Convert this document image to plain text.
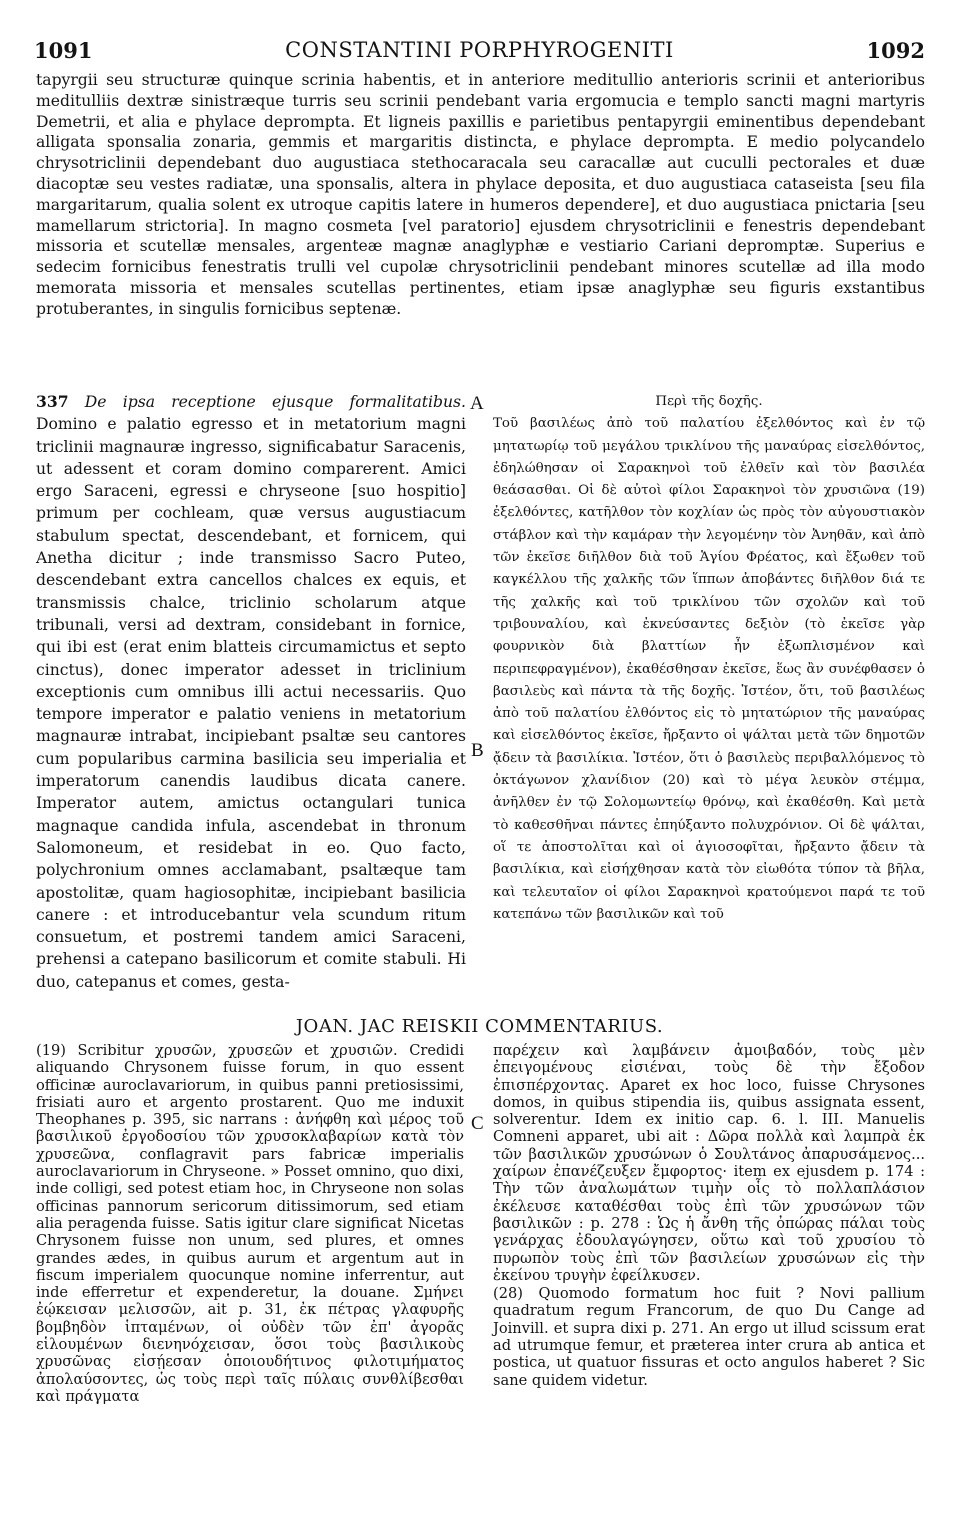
1091	CONSTANTINI PORPHYROGENITI	1092

tapyrgii seu structuræ quinque scrinia habentis, et in anteriore meditullio anterioris scrinii et anterioribus meditulliis dextræ sinistræque turris seu scrinii pendebant varia ergomucia e templo sancti magni martyris Demetrii, et alia e phylace deprompta. Et ligneis paxillis e parietibus pentapyrgii eminentibus dependebant alligata sponsalia zonaria, gemmis et margaritis distincta, e phylace deprompta. E medio polycandelo chrysotriclinii dependebant duo augustiaca stethocaracala seu caracallæ aut cuculli pectorales et duæ diacoptæ seu vestes radiatæ, una sponsalis, altera in phylace deposita, et duo augustiaca cataseista [seu fila margaritarum, qualia solent ex utroque capitis latere in humeros dependere], et duo augustiaca pnictaria [seu mamellarum strictoria]. In magno cosmeta [vel paratorio] ejusdem chrysotriclinii e fenestris dependebant missoria et scutellæ mensales, argenteæ magnæ anaglyphæ e vestiario Cariani depromptæ. Superius e sedecim fornicibus fenestratis trulli vel cupolæ chrysotriclinii pendebant minores scutellæ ad illa modo memorata missoria et mensales scutellas pertinentes, etiam ipsæ anaglyphæ seu figuris exstantibus protuberantes, in singulis fornicibus septenæ.

337 De ipsa receptione ejusque formalitatibus. Domino e palatio egresso et in metatorium magni triclinii magnauræ ingresso, significabatur Saracenis, ut adessent et coram domino comparerent. Amici ergo Saraceni, egressi e chryseone [suo hospitio] primum per cochleam, quæ versus augustiacum stabulum spectat, descendebant, et fornicem, qui Anetha dicitur ; inde transmisso Sacro Puteo, descendebant extra cancellos chalces ex equis, et transmissis chalce, triclinio scholarum atque tribunali, versi ad dextram, considebant in fornice, qui ibi est (erat enim blatteis circumamictus et septo cinctus), donec imperator adesset in triclinium exceptionis cum omnibus illi actui necessariis. Quo tempore imperator e palatio veniens in metatorium magnauræ intrabat, incipiebant psaltæ seu cantores cum popularibus carmina basilicia seu imperialia et imperatorum canendis laudibus dicata canere. Imperator autem, amictus octangulari tunica magnaque candida infula, ascendebat in thronum Salomoneum, et residebat in eo. Quo facto, polychronium omnes acclamabant, psaltæque tam apostolitæ, quam hagiosophitæ, incipiebant basilicia canere : et introducebantur vela scundum ritum consuetum, et postremi tandem amici Saraceni, prehensi a catepano basilicorum et comite stabuli. Hi duo, catepanus et comes, gesta-

A
B
Περὶ τῆς δοχῆς.

Τοῦ βασιλέως ἀπὸ τοῦ παλατίου ἐξελθόντος καὶ ἐν τῷ μητατωρίῳ τοῦ μεγάλου τρικλίνου τῆς μαναύρας εἰσελθόντος, ἐδηλώθησαν οἱ Σαρακηνοὶ τοῦ ἐλθεῖν καὶ τὸν βασιλέα θεάσασθαι. Οἱ δὲ αὐτοὶ φίλοι Σαρακηνοὶ τὸν χρυσιῶνα (19) ἐξελθόντες, κατῆλθον τὸν κοχλίαν ὡς πρὸς τὸν αὐγουστιακὸν στάβλον καὶ τὴν καμάραν τὴν λεγομένην τὸν Ἀνηθᾶν, καὶ ἀπὸ τῶν ἐκεῖσε διῆλθον διὰ τοῦ Ἁγίου Φρέατος, καὶ ἔξωθεν τοῦ καγκέλλου τῆς χαλκῆς τῶν ἵππων ἀποβάντες διῆλθον διά τε τῆς χαλκῆς καὶ τοῦ τρικλίνου τῶν σχολῶν καὶ τοῦ τριβουναλίου, καὶ ἐκνεύσαντες δεξιὸν (τὸ ἐκεῖσε γὰρ φουρνικὸν διὰ βλαττίων ἦν ἐξωπλισμένον καὶ περιπεφραγμένον), ἐκαθέσθησαν ἐκεῖσε, ἕως ἂν συνέφθασεν ὁ βασιλεὺς καὶ πάντα τὰ τῆς δοχῆς. Ἰστέον, ὅτι, τοῦ βασιλέως ἀπὸ τοῦ παλατίου ἐλθόντος εἰς τὸ μητατώριον τῆς μαναύρας καὶ εἰσελθόντος ἐκεῖσε, ἤρξαντο οἱ ψάλται μετὰ τῶν δημοτῶν ᾄδειν τὰ βασιλίκια. Ἰστέον, ὅτι ὁ βασιλεὺς περιβαλλόμενος τὸ ὀκτάγωνον χλανίδιον (20) καὶ τὸ μέγα λευκὸν στέμμα, ἀνῆλθεν ἐν τῷ Σολομωντείῳ θρόνῳ, καὶ ἐκαθέσθη. Καὶ μετὰ τὸ καθεσθῆναι πάντες ἐπηύξαντο πολυχρόνιον. Οἱ δὲ ψάλται, οἵ τε ἀποστολῖται καὶ οἱ ἁγιοσοφῖται, ἤρξαντο ᾄδειν τὰ βασιλίκια, καὶ εἰσήχθησαν κατὰ τὸν εἰωθότα τύπον τὰ βῆλα, καὶ τελευταῖον οἱ φίλοι Σαρακηνοὶ κρατούμενοι παρά τε τοῦ κατεπάνω τῶν βασιλικῶν καὶ τοῦ

JOAN. JAC REISKII COMMENTARIUS.

(19) Scribitur χρυσῶν, χρυσεῶν et χρυσιῶν. Credidi aliquando Chrysonem fuisse forum, in quo essent officinæ auroclavariorum, in quibus panni pretiosissimi, frisiati auro et argento prostarent. Quo me induxit Theophanes p. 395, sic narrans : ἀνήφθη καὶ μέρος τοῦ βασιλικοῦ ἐργοδοσίου τῶν χρυσοκλαβαρίων κατὰ τὸν χρυσεῶνα, conflagravit pars fabricæ imperialis auroclavariorum in Chryseone. » Posset omnino, quo dixi, inde colligi, sed potest etiam hoc, in Chryseone non solas officinas pannorum sericorum ditissimorum, sed etiam alia peragenda fuisse. Satis igitur clare significat Nicetas Chrysonem fuisse non unum, sed plures, et omnes grandes ædes, in quibus aurum et argentum aut in fiscum imperialem quocunque nomine inferrentur, aut inde efferretur et expenderetur, la douane. Σμήνει ἐῴκεισαν μελισσῶν, ait p. 31, ἐκ πέτρας γλαφυρῆς βομβηδὸν ἱπταμένων, οἱ οὐδὲν τῶν ἐπ' ἀγορᾶς εἱλουμένων διενηνόχεισαν, ὅσοι τοὺς βασιλικοὺς χρυσῶνας εἰσῄεσαν ὁποιουδήτινος φιλοτιμήματος ἀπολαύσοντες, ὡς τοὺς περὶ ταῖς πύλαις συνθλίβεσθαι καὶ πράγματα

C

παρέχειν καὶ λαμβάνειν ἀμοιβαδόν, τοὺς μὲν ἐπειγομένους εἰσιέναι, τοὺς δὲ τὴν ἔξοδον ἐπισπέρχοντας. Aparet ex hoc loco, fuisse Chrysones domos, in quibus stipendia iis, quibus assignata essent, solverentur. Idem ex initio cap. 6. l. III. Manuelis Comneni apparet, ubi ait : Δῶρα πολλὰ καὶ λαμπρὰ ἐκ τῶν βασιλικῶν χρυσώνων ὁ Σουλτάνος ἀπαρυσάμενος... χαίρων ἐπανέζευξεν ἔμφορτος· item ex ejusdem p. 174 : Τὴν τῶν ἀναλωμάτων τιμὴν οἷς τὸ πολλαπλάσιον ἐκέλευσε καταθέσθαι τοὺς ἐπὶ τῶν χρυσώνων τῶν βασιλικῶν : p. 278 : Ὡς ἡ ἄνθη τῆς ὀπώρας πάλαι τοὺς γενάρχας ἐδουλαγώγησεν, οὕτω καὶ τοῦ χρυσίου τὸ πυρωπὸν τοὺς ἐπὶ τῶν βασιλείων χρυσώνων εἰς τὴν ἐκείνου τρυγὴν ἐφείλκυσεν.

(28) Quomodo formatum hoc fuit ? Novi pallium quadratum regum Francorum, de quo Du Cange ad Joinvill. et supra dixi p. 271. An ergo ut illud scissum erat ad utrumque femur, et præterea inter crura ab antica et postica, ut quatuor fissuras et octo angulos haberet ? Sic sane quidem videtur.
